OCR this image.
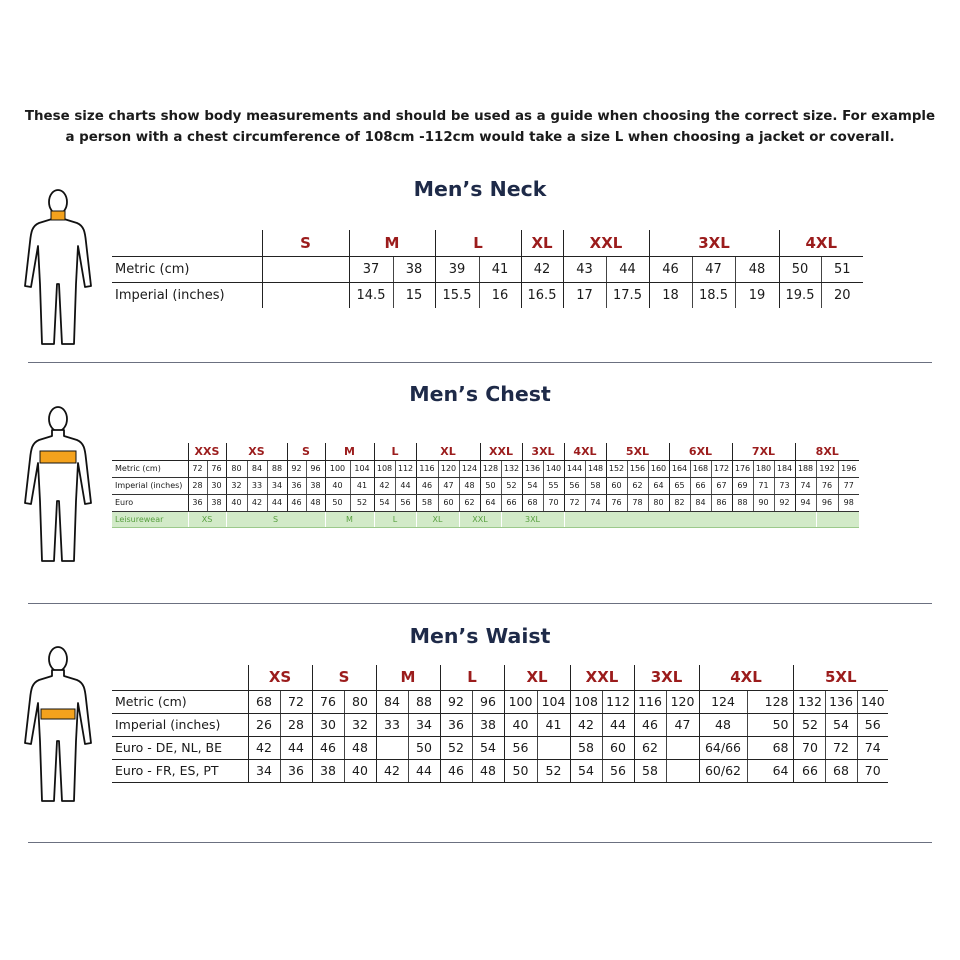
These size charts show body measurements and should be used as a guide when choosing the correct size. For example
a person with a chest circumference of 108cm -112cm would take a size L when choosing a jacket or coverall.
Men’s Neck
	S	M		L		XL	XXL		3XL			4XL	
Metric (cm)		37	38	39	41	42	43	44	46	47	48	50	51
Imperial (inches)		14.5	15	15.5	16	16.5	17	17.5	18	18.5	19	19.5	20
Men’s Chest
	XXS		XS			S		M		L		XL			XXL		3XL		4XL		5XL			6XL			7XL			8XL		
Metric (cm)	72	76	80	84	88	92	96	100	104	108	112	116	120	124	128	132	136	140	144	148	152	156	160	164	168	172	176	180	184	188	192	196
Imperial (inches)	28	30	32	33	34	36	38	40	41	42	44	46	47	48	50	52	54	55	56	58	60	62	64	65	66	67	69	71	73	74	76	77
Euro	36	38	40	42	44	46	48	50	52	54	56	58	60	62	64	66	68	70	72	74	76	78	80	82	84	86	88	90	92	94	96	98
Leisurewear	XS		S					M		L		XL		XXL		3XL																
Men’s Waist
	XS		S		M		L		XL		XXL		3XL		4XL		5XL		
Metric (cm)	68	72	76	80	84	88	92	96	100	104	108	112	116	120	124	128	132	136	140
Imperial (inches)	26	28	30	32	33	34	36	38	40	41	42	44	46	47	48	50	52	54	56
Euro - DE, NL, BE	42	44	46	48		50	52	54	56		58	60	62		64/66	68	70	72	74
Euro - FR, ES, PT	34	36	38	40	42	44	46	48	50	52	54	56	58		60/62	64	66	68	70
